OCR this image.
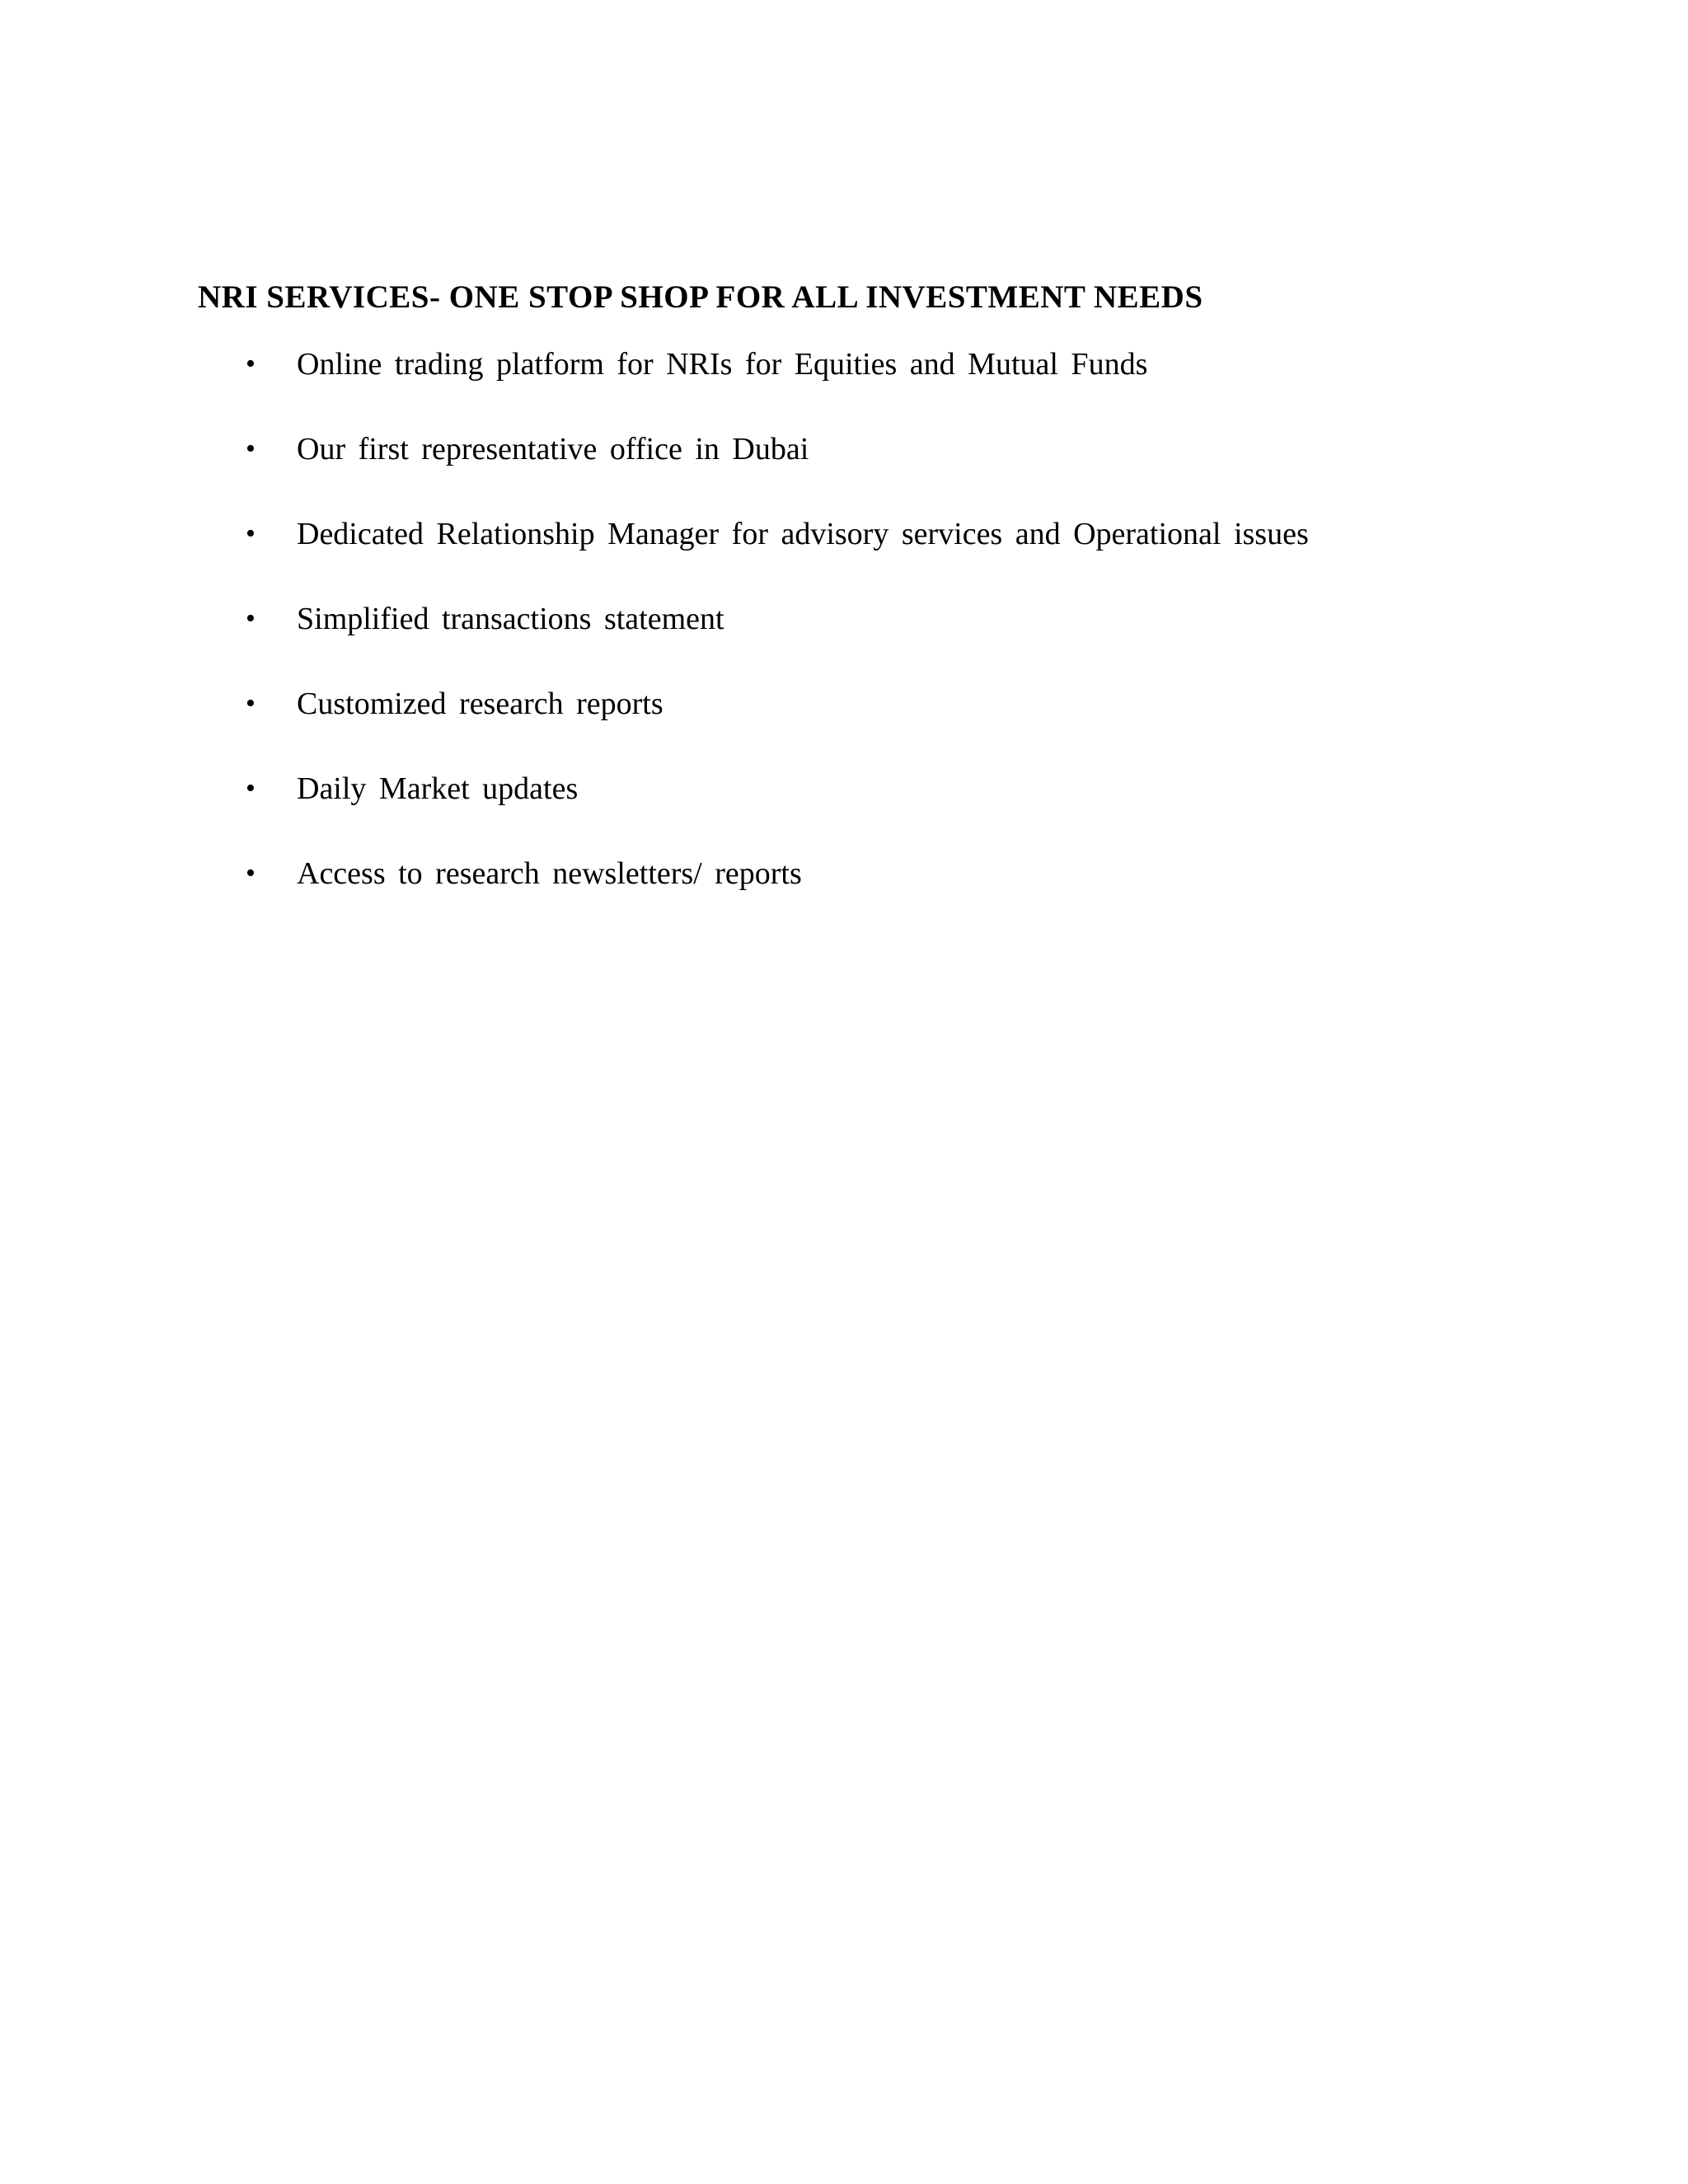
NRI SERVICES- ONE STOP SHOP FOR ALL INVESTMENT NEEDS
• Online trading platform for NRIs for Equities and Mutual Funds
• Our first representative office in Dubai
• Dedicated Relationship Manager for advisory services and Operational issues
• Simplified transactions statement
• Customized research reports
• Daily Market updates
• Access to research newsletters/ reports
